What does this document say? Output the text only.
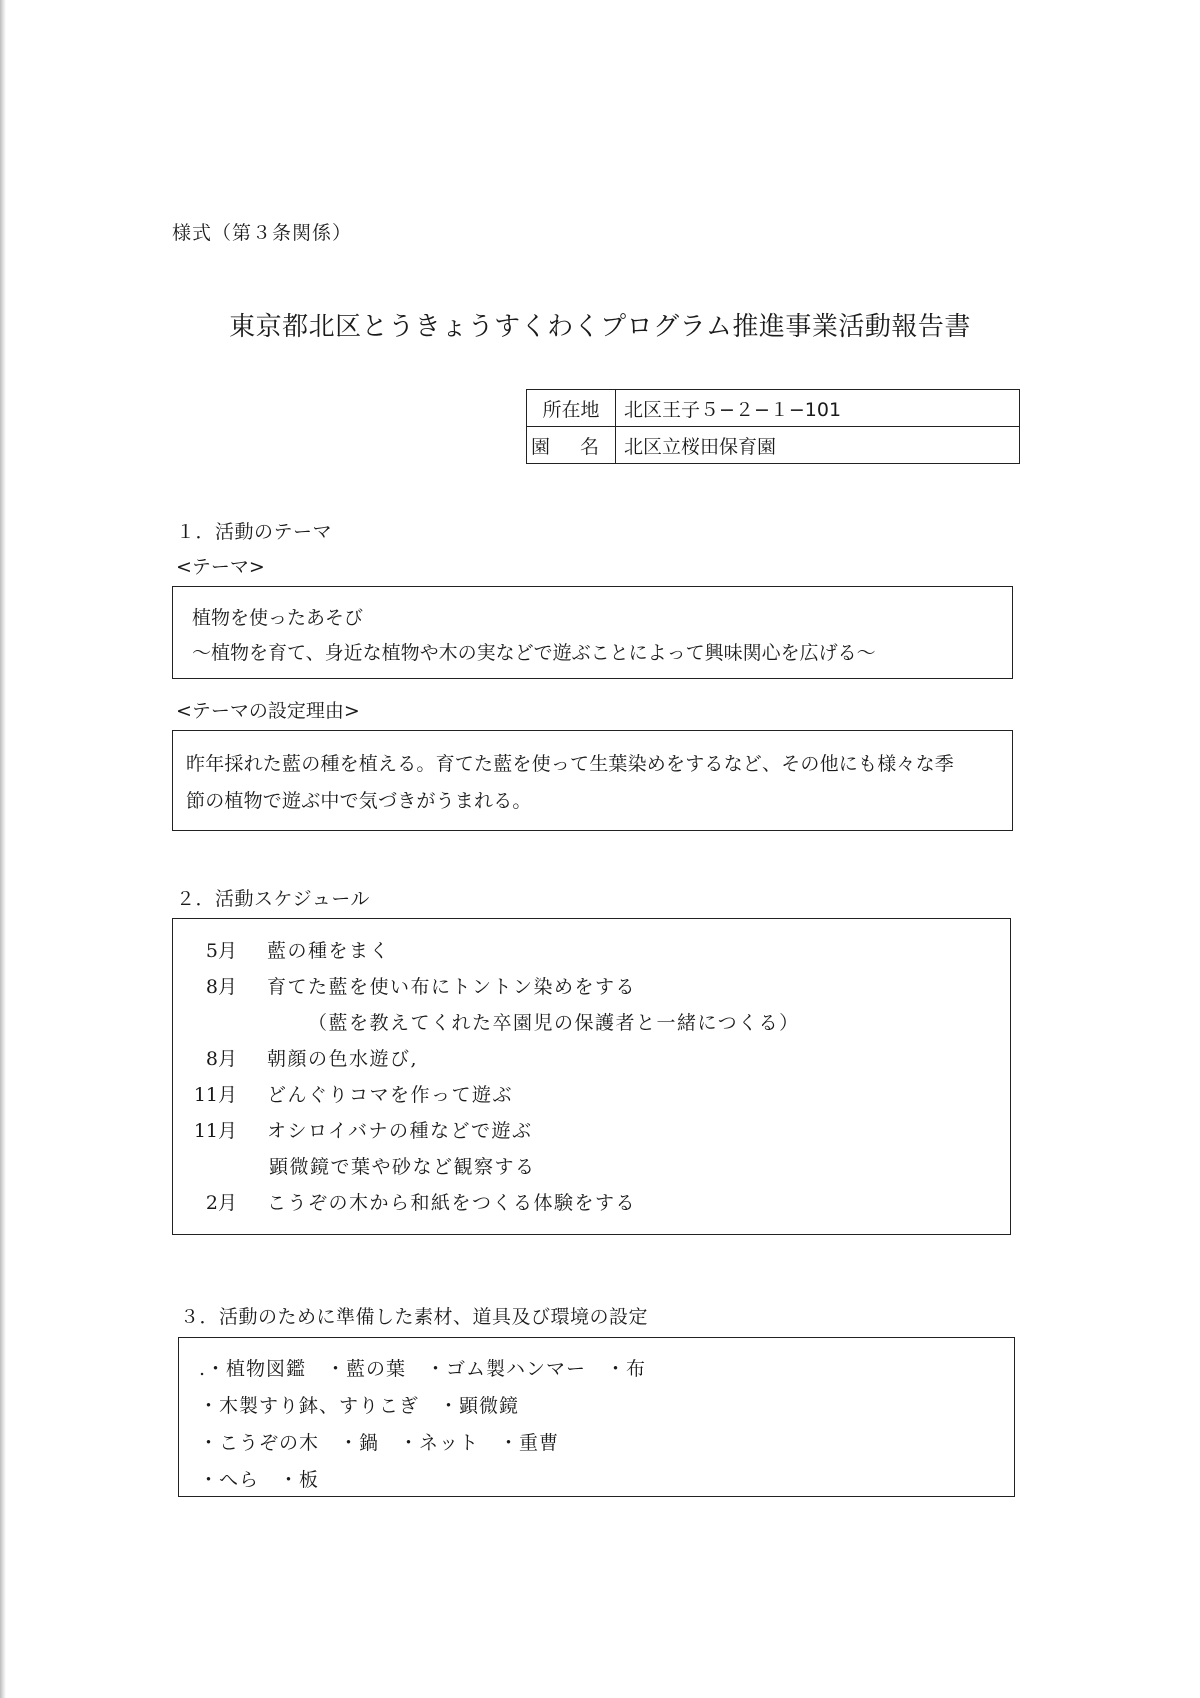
様式（第３条関係）
東京都北区とうきょうすくわくプログラム推進事業活動報告書
所在地	北区王子５−２−１−101
園 名	北区立桜田保育園
１．活動のテーマ
<テーマ>
植物を使ったあそび
〜植物を育て、身近な植物や木の実などで遊ぶことによって興味関心を広げる〜
<テーマの設定理由>
昨年採れた藍の種を植える。育てた藍を使って生葉染めをするなど、その他にも様々な季
節の植物で遊ぶ中で気づきがうまれる。
２．活動スケジュール
5月 藍の種をまく
8月 育てた藍を使い布にトントン染めをする
（藍を教えてくれた卒園児の保護者と一緒につくる）
8月 朝顔の色水遊び,
11月 どんぐりコマを作って遊ぶ
11月 オシロイバナの種などで遊ぶ
顕微鏡で葉や砂など観察する
2月 こうぞの木から和紙をつくる体験をする
３．活動のために準備した素材、道具及び環境の設定
.・植物図鑑　・藍の葉　・ゴム製ハンマー　・布
・木製すり鉢、すりこぎ　・顕微鏡
・こうぞの木　・鍋　・ネット　・重曹
・へら　・板
